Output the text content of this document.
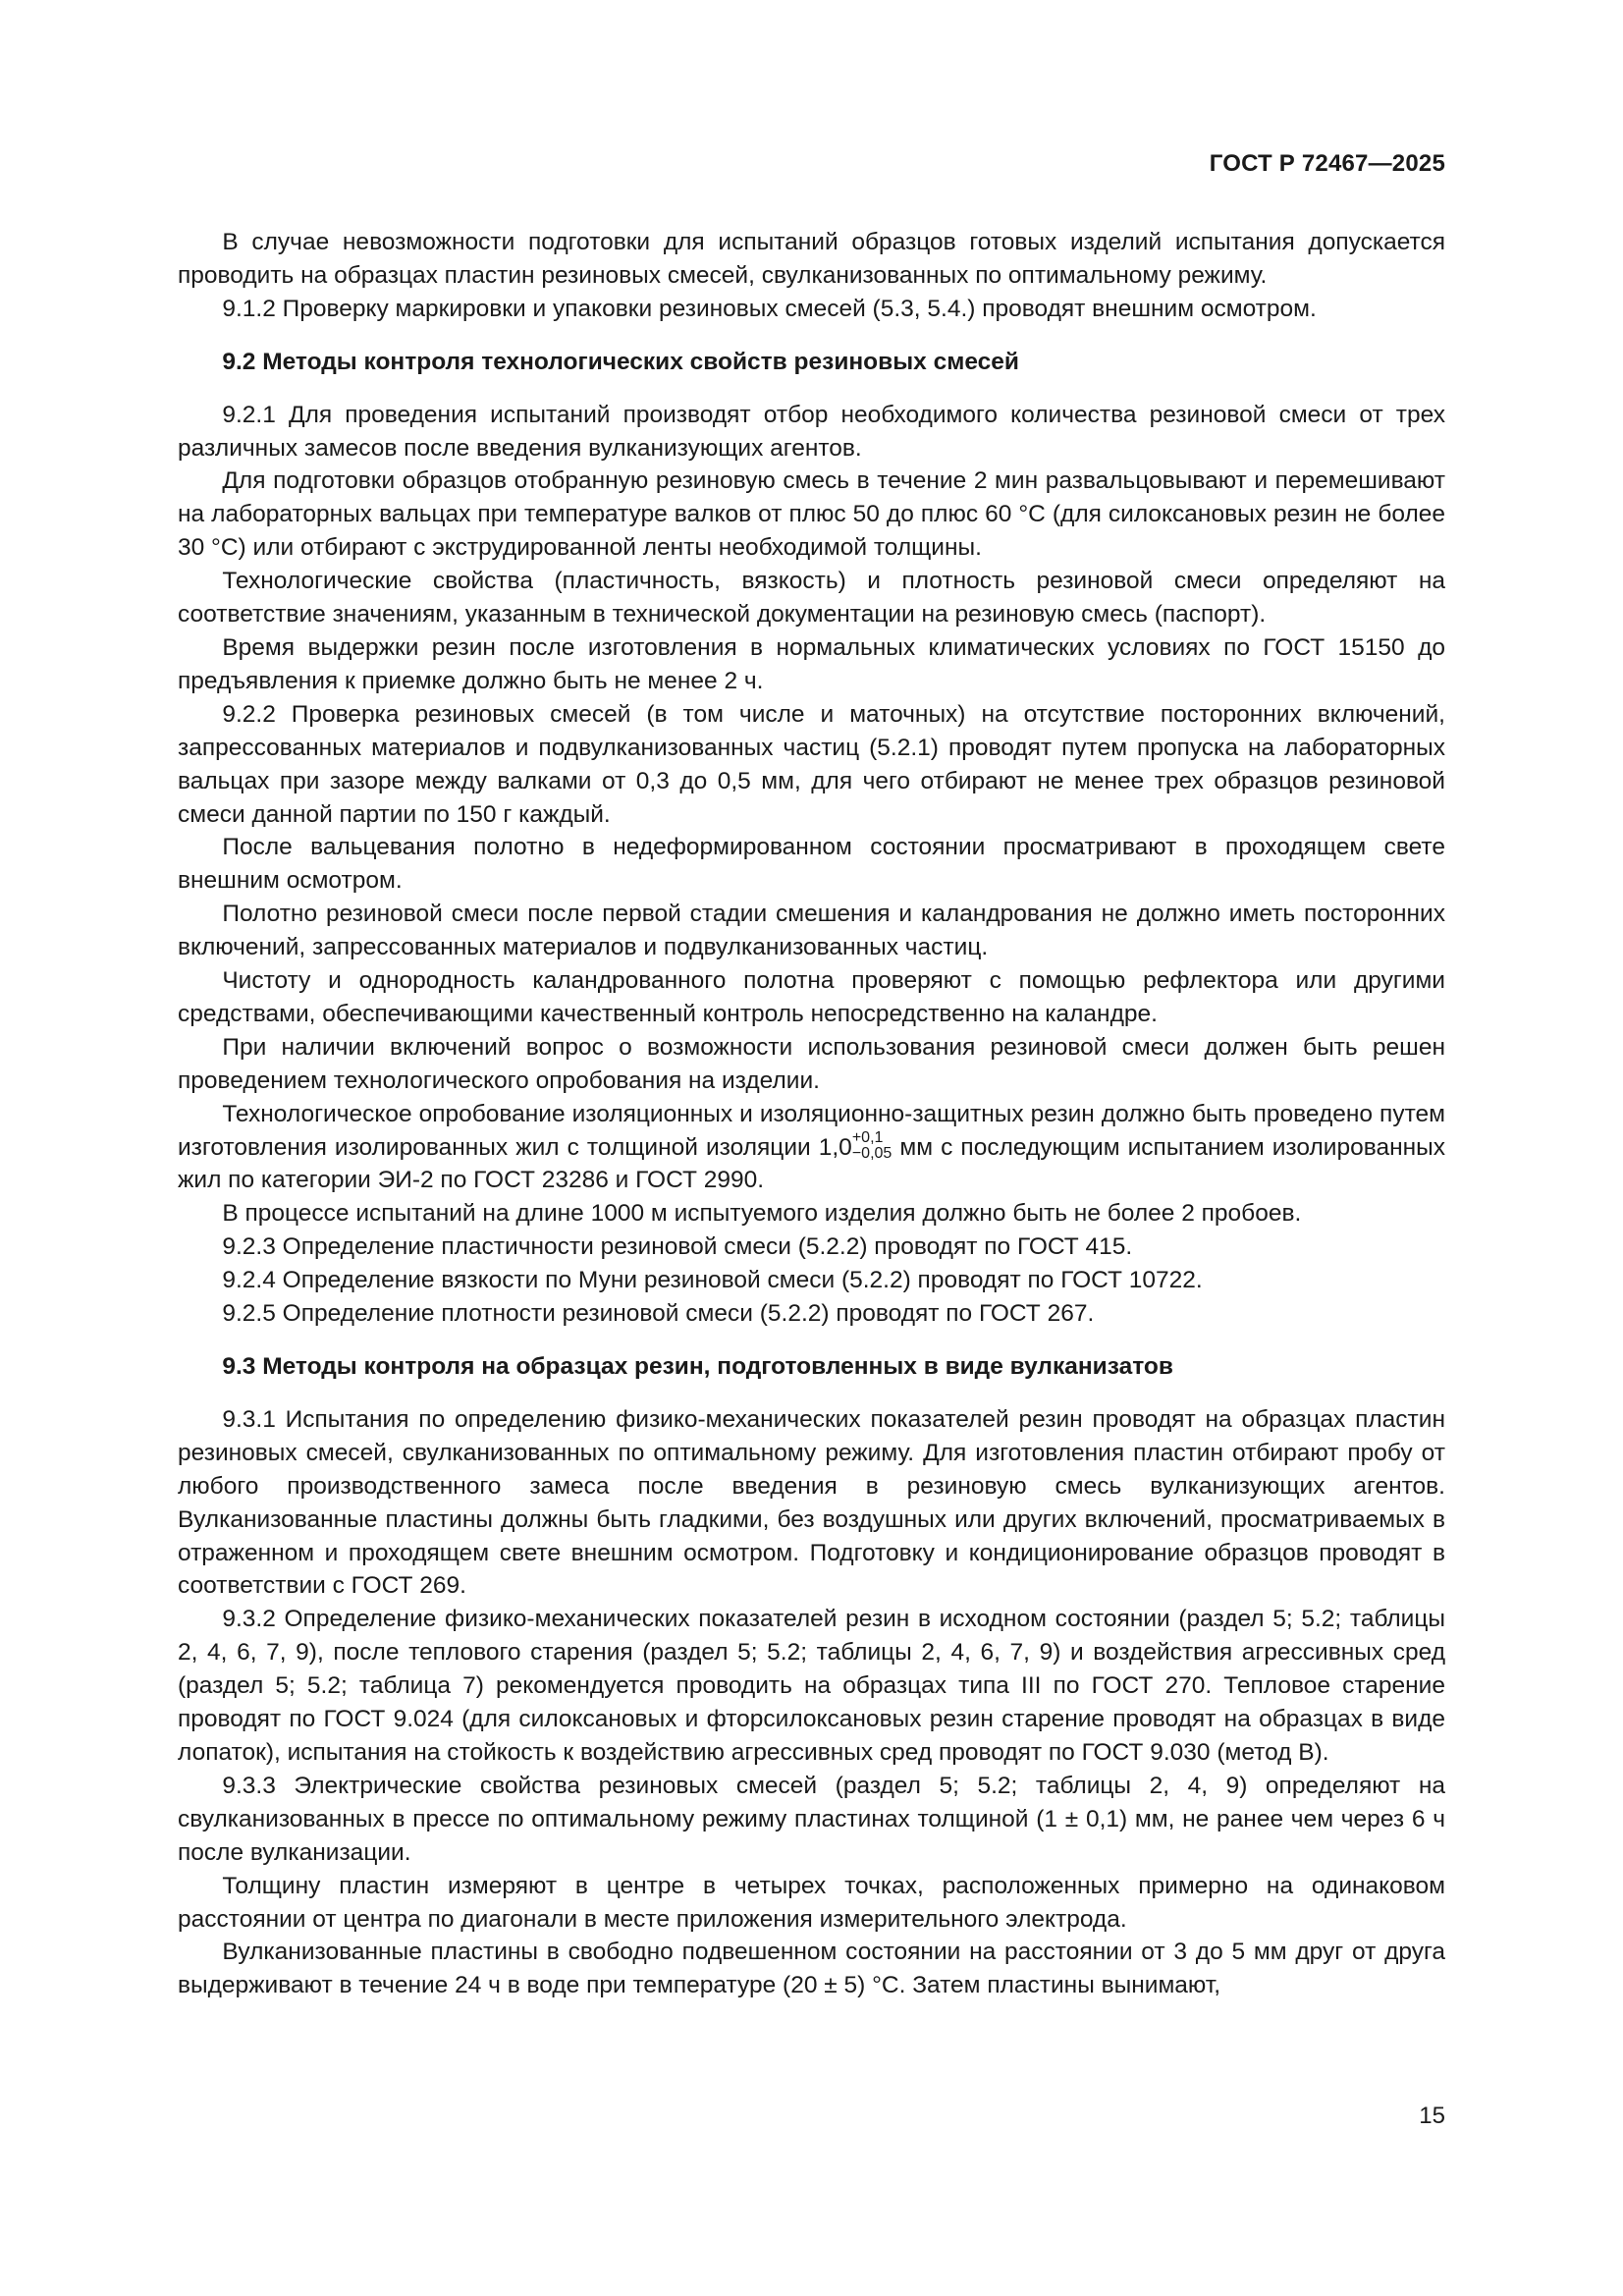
ГОСТ Р 72467—2025

В случае невозможности подготовки для испытаний образцов готовых изделий испытания допускается проводить на образцах пластин резиновых смесей, свулканизованных по оптимальному режиму.

9.1.2 Проверку маркировки и упаковки резиновых смесей (5.3, 5.4.) проводят внешним осмотром.

9.2 Методы контроля технологических свойств резиновых смесей

9.2.1 Для проведения испытаний производят отбор необходимого количества резиновой смеси от трех различных замесов после введения вулканизующих агентов.

Для подготовки образцов отобранную резиновую смесь в течение 2 мин развальцовывают и перемешивают на лабораторных вальцах при температуре валков от плюс 50 до плюс 60 °С (для силоксановых резин не более 30 °С) или отбирают с экструдированной ленты необходимой толщины.

Технологические свойства (пластичность, вязкость) и плотность резиновой смеси определяют на соответствие значениям, указанным в технической документации на резиновую смесь (паспорт).

Время выдержки резин после изготовления в нормальных климатических условиях по ГОСТ 15150 до предъявления к приемке должно быть не менее 2 ч.

9.2.2 Проверка резиновых смесей (в том числе и маточных) на отсутствие посторонних включений, запрессованных материалов и подвулканизованных частиц (5.2.1) проводят путем пропуска на лабораторных вальцах при зазоре между валками от 0,3 до 0,5 мм, для чего отбирают не менее трех образцов резиновой смеси данной партии по 150 г каждый.

После вальцевания полотно в недеформированном состоянии просматривают в проходящем свете внешним осмотром.

Полотно резиновой смеси после первой стадии смешения и каландрования не должно иметь посторонних включений, запрессованных материалов и подвулканизованных частиц.

Чистоту и однородность каландрованного полотна проверяют с помощью рефлектора или другими средствами, обеспечивающими качественный контроль непосредственно на каландре.

При наличии включений вопрос о возможности использования резиновой смеси должен быть решен проведением технологического опробования на изделии.

Технологическое опробование изоляционных и изоляционно-защитных резин должно быть проведено путем изготовления изолированных жил с толщиной изоляции 1,0 +0,1
−0,05 мм с последующим испытанием изолированных жил по категории ЭИ-2 по ГОСТ 23286 и ГОСТ 2990.

В процессе испытаний на длине 1000 м испытуемого изделия должно быть не более 2 пробоев.

9.2.3 Определение пластичности резиновой смеси (5.2.2) проводят по ГОСТ 415.

9.2.4 Определение вязкости по Муни резиновой смеси (5.2.2) проводят по ГОСТ 10722.

9.2.5 Определение плотности резиновой смеси (5.2.2) проводят по ГОСТ 267.

9.3 Методы контроля на образцах резин, подготовленных в виде вулканизатов

9.3.1 Испытания по определению физико-механических показателей резин проводят на образцах пластин резиновых смесей, свулканизованных по оптимальному режиму. Для изготовления пластин отбирают пробу от любого производственного замеса после введения в резиновую смесь вулканизующих агентов. Вулканизованные пластины должны быть гладкими, без воздушных или других включений, просматриваемых в отраженном и проходящем свете внешним осмотром. Подготовку и кондиционирование образцов проводят в соответствии с ГОСТ 269.

9.3.2 Определение физико-механических показателей резин в исходном состоянии (раздел 5; 5.2; таблицы 2, 4, 6, 7, 9), после теплового старения (раздел 5; 5.2; таблицы 2, 4, 6, 7, 9) и воздействия агрессивных сред (раздел 5; 5.2; таблица 7) рекомендуется проводить на образцах типа III по ГОСТ 270. Тепловое старение проводят по ГОСТ 9.024 (для силоксановых и фторсилоксановых резин старение проводят на образцах в виде лопаток), испытания на стойкость к воздействию агрессивных сред проводят по ГОСТ 9.030 (метод В).

9.3.3 Электрические свойства резиновых смесей (раздел 5; 5.2; таблицы 2, 4, 9) определяют на свулканизованных в прессе по оптимальному режиму пластинах толщиной (1 ± 0,1) мм, не ранее чем через 6 ч после вулканизации.

Толщину пластин измеряют в центре в четырех точках, расположенных примерно на одинаковом расстоянии от центра по диагонали в месте приложения измерительного электрода.

Вулканизованные пластины в свободно подвешенном состоянии на расстоянии от 3 до 5 мм друг от друга выдерживают в течение 24 ч в воде при температуре (20 ± 5) °С. Затем пластины вынимают,

15
